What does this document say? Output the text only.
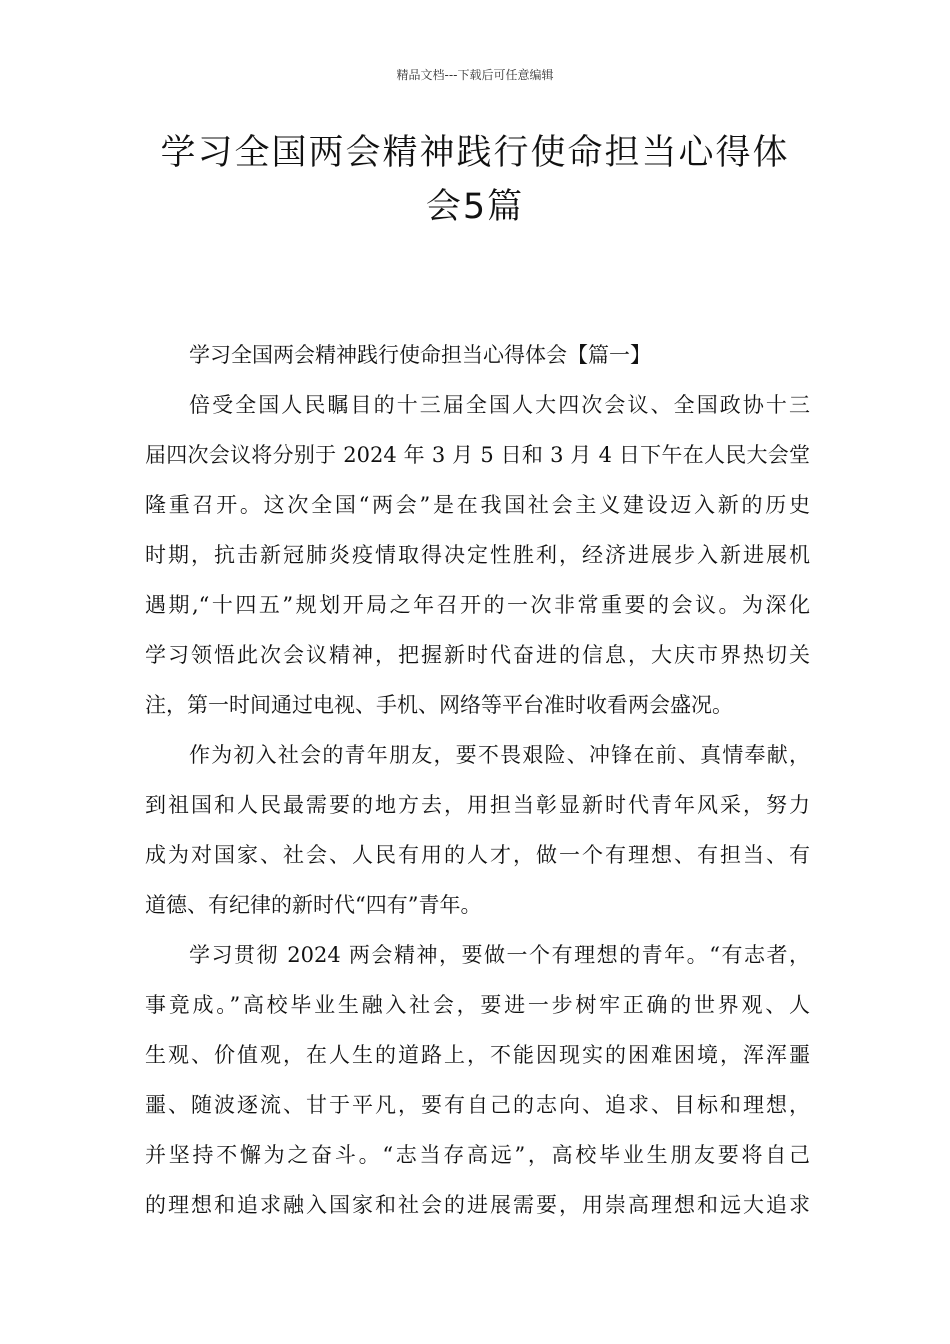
精品文档---下载后可任意编辑
学习全国两会精神践行使命担当心得体
会5篇
学习全国两会精神践行使命担当心得体会【篇一】

倍受全国人民瞩目的十三届全国人大四次会议、全国政协十三
届四次会议将分别于 2024 年 3 月 5 日和 3 月 4 日下午在人民大会堂
隆重召开。这次全国“两会”是在我国社会主义建设迈入新的历史
时期，抗击新冠肺炎疫情取得决定性胜利，经济进展步入新进展机
遇期,“十四五”规划开局之年召开的一次非常重要的会议。为深化
学习领悟此次会议精神，把握新时代奋进的信息，大庆市界热切关
注，第一时间通过电视、手机、网络等平台准时收看两会盛况。

作为初入社会的青年朋友，要不畏艰险、冲锋在前、真情奉献，
到祖国和人民最需要的地方去，用担当彰显新时代青年风采，努力
成为对国家、社会、人民有用的人才，做一个有理想、有担当、有
道德、有纪律的新时代“四有”青年。

学习贯彻 2024 两会精神，要做一个有理想的青年。“有志者，
事竟成。”高校毕业生融入社会，要进一步树牢正确的世界观、人
生观、价值观，在人生的道路上，不能因现实的困难困境，浑浑噩
噩、随波逐流、甘于平凡，要有自己的志向、追求、目标和理想，
并坚持不懈为之奋斗。“志当存高远”，高校毕业生朋友要将自己
的理想和追求融入国家和社会的进展需要，用崇高理想和远大追求
